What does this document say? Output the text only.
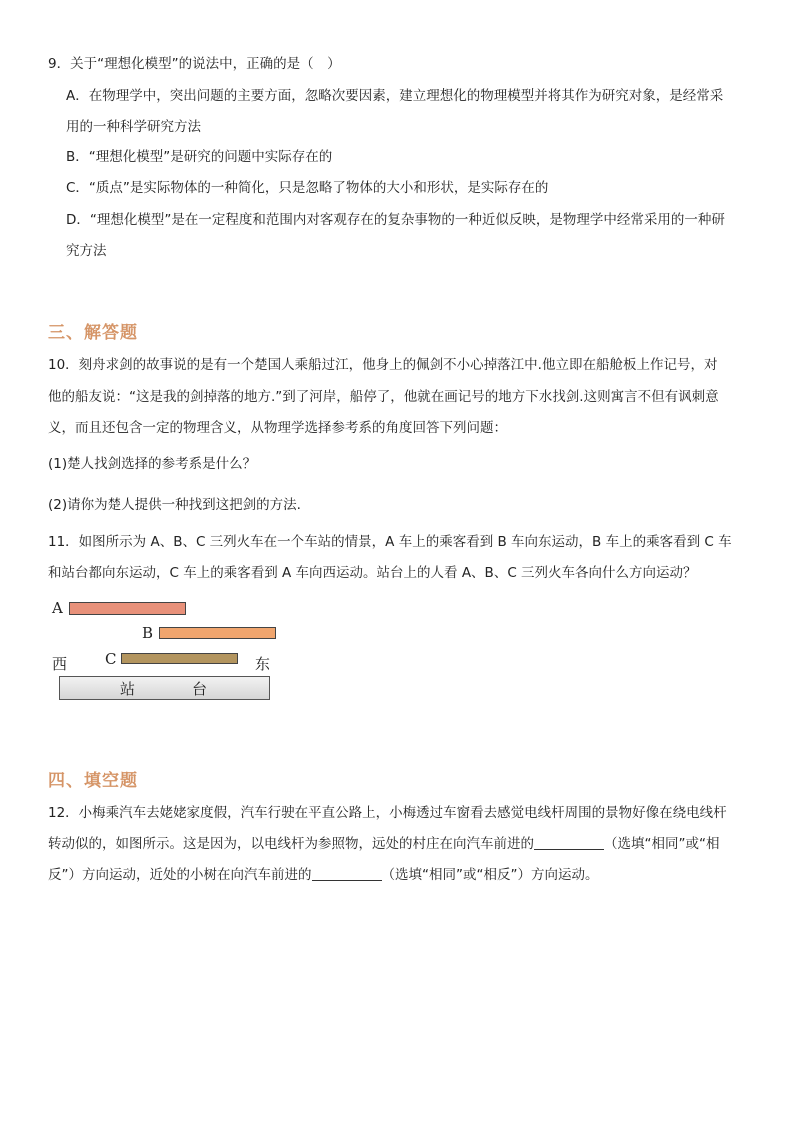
9．关于“理想化模型”的说法中，正确的是（　）
A．在物理学中，突出问题的主要方面，忽略次要因素，建立理想化的物理模型并将其作为研究对象，是经常采
用的一种科学研究方法
B．“理想化模型”是研究的问题中实际存在的
C．“质点”是实际物体的一种简化，只是忽略了物体的大小和形状，是实际存在的
D．“理想化模型”是在一定程度和范围内对客观存在的复杂事物的一种近似反映，是物理学中经常采用的一种研
究方法
三、解答题
10．刻舟求剑的故事说的是有一个楚国人乘船过江，他身上的佩剑不小心掉落江中.他立即在船舱板上作记号，对
他的船友说：“这是我的剑掉落的地方.”到了河岸，船停了，他就在画记号的地方下水找剑.这则寓言不但有讽刺意
义，而且还包含一定的物理含义，从物理学选择参考系的角度回答下列问题：
(1)楚人找剑选择的参考系是什么？
(2)请你为楚人提供一种找到这把剑的方法.
11．如图所示为 A、B、C 三列火车在一个车站的情景，A 车上的乘客看到 B 车向东运动，B 车上的乘客看到 C 车
和站台都向东运动，C 车上的乘客看到 A 车向西运动。站台上的人看 A、B、C 三列火车各向什么方向运动？
A
B
西	C	东
站	台
四、填空题
12．小梅乘汽车去姥姥家度假，汽车行驶在平直公路上，小梅透过车窗看去感觉电线杆周围的景物好像在绕电线杆
转动似的，如图所示。这是因为，以电线杆为参照物，远处的村庄在向汽车前进的	（选填“相同”或“相
反”）方向运动，近处的小树在向汽车前进的	（选填“相同”或“相反”）方向运动。
